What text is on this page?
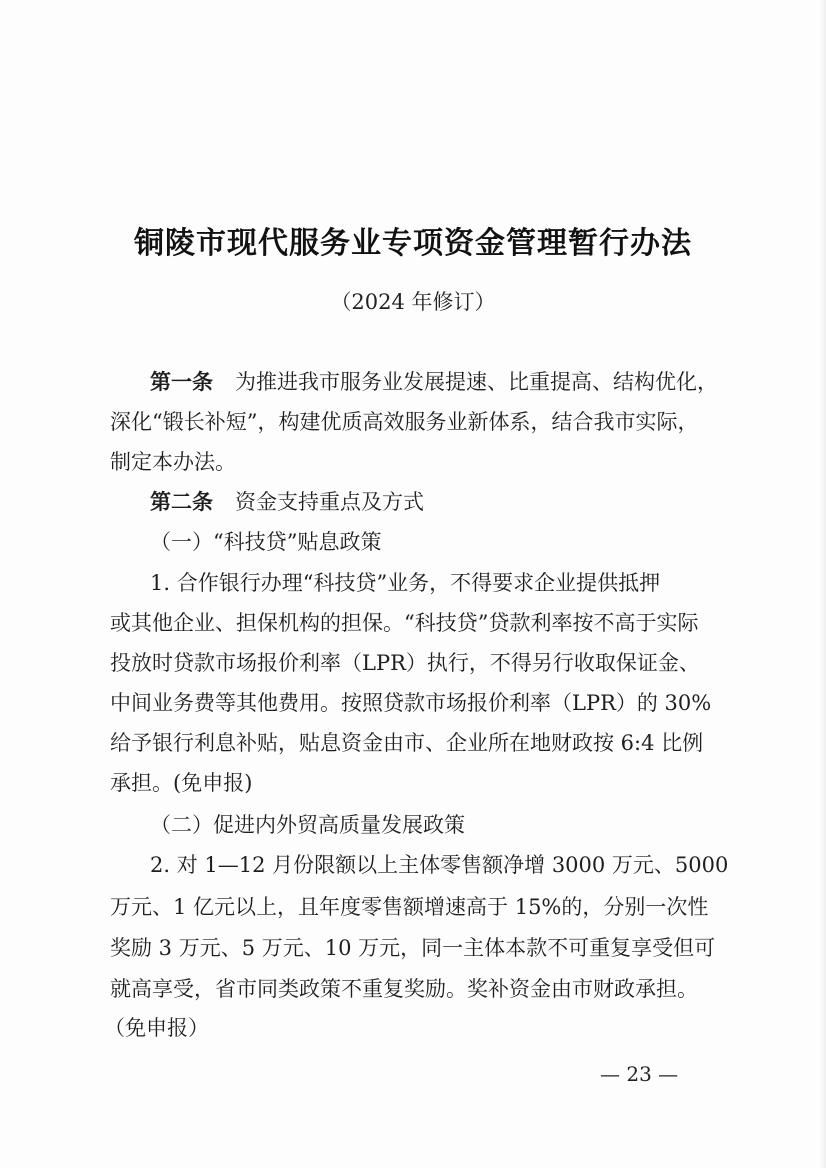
铜陵市现代服务业专项资金管理暂行办法
（2024 年修订）
第一条 为推进我市服务业发展提速、比重提高、结构优化，
深化“锻长补短”，构建优质高效服务业新体系，结合我市实际，
制定本办法。
第二条 资金支持重点及方式
（一）“科技贷”贴息政策
1. 合作银行办理“科技贷”业务，不得要求企业提供抵押
或其他企业、担保机构的担保。“科技贷”贷款利率按不高于实际
投放时贷款市场报价利率（LPR）执行，不得另行收取保证金、
中间业务费等其他费用。按照贷款市场报价利率（LPR）的 30%
给予银行利息补贴，贴息资金由市、企业所在地财政按 6:4 比例
承担。(免申报)
（二）促进内外贸高质量发展政策
2. 对 1—12 月份限额以上主体零售额净增 3000 万元、5000
万元、1 亿元以上，且年度零售额增速高于 15%的，分别一次性
奖励 3 万元、5 万元、10 万元，同一主体本款不可重复享受但可
就高享受，省市同类政策不重复奖励。奖补资金由市财政承担。
（免申报）
— 23 —
